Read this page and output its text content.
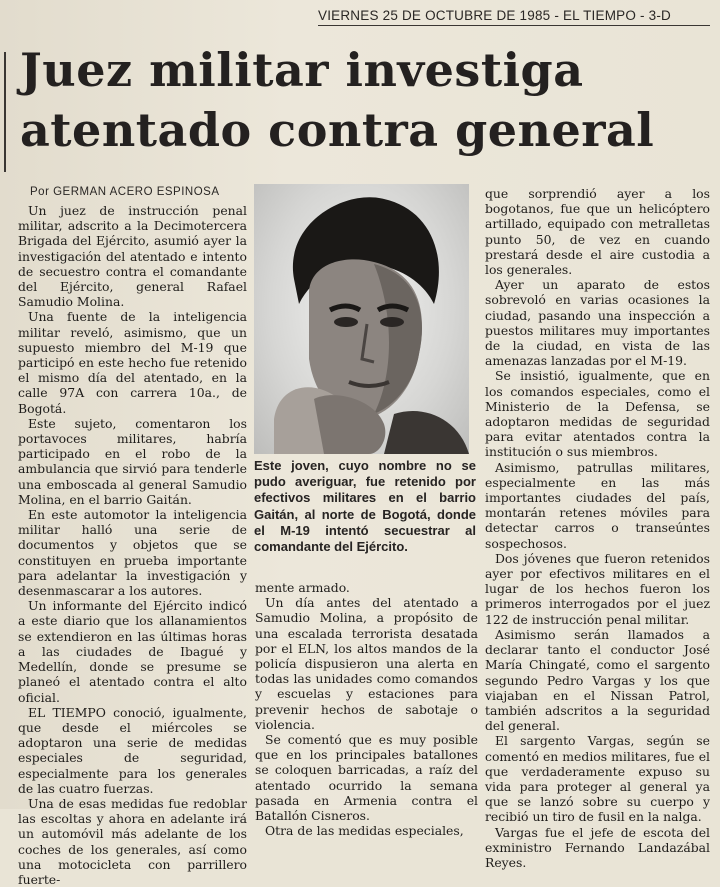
VIERNES 25 DE OCTUBRE DE 1985 - EL TIEMPO - 3-D
Juez militar investiga
atentado contra general
Por GERMAN ACERO ESPINOSA

Un juez de instrucción penal militar, adscrito a la Decimotercera Brigada del Ejército, asumió ayer la investigación del atentado e intento de secuestro contra el comandante del Ejército, general Rafael Samudio Molina.

Una fuente de la inteligencia militar reveló, asimismo, que un supuesto miembro del M-19 que participó en este hecho fue retenido el mismo día del atentado, en la calle 97A con carrera 10a., de Bogotá.

Este sujeto, comentaron los portavoces militares, habría participado en el robo de la ambulancia que sirvió para tenderle una emboscada al general Samudio Molina, en el barrio Gaitán.

En este automotor la inteligencia militar halló una serie de documentos y objetos que se constituyen en prueba importante para adelantar la investigación y desenmascarar a los autores.

Un informante del Ejército indicó a este diario que los allanamientos se extendieron en las últimas horas a las ciudades de Ibagué y Medellín, donde se presume se planeó el atentado contra el alto oficial.

EL TIEMPO conoció, igualmente, que desde el miércoles se adoptaron una serie de medidas especiales de seguridad, especialmente para los generales de las cuatro fuerzas.

Una de esas medidas fue redoblar las escoltas y ahora en adelante irá un automóvil más adelante de los coches de los generales, así como una motocicleta con parrillero fuerte-

Este joven, cuyo nombre no se pudo averiguar, fue retenido por efectivos militares en el barrio Gaitán, al norte de Bogotá, donde el M-19 intentó secuestrar al comandante del Ejército.

mente armado.

Un día antes del atentado a Samudio Molina, a propósito de una escalada terrorista desatada por el ELN, los altos mandos de la policía dispusieron una alerta en todas las unidades como comandos y escuelas y estaciones para prevenir hechos de sabotaje o violencia.

Se comentó que es muy posible que en los principales batallones se coloquen barricadas, a raíz del atentado ocurrido la semana pasada en Armenia contra el Batallón Cisneros.

Otra de las medidas especiales,

que sorprendió ayer a los bogotanos, fue que un helicóptero artillado, equipado con metralletas punto 50, de vez en cuando prestará desde el aire custodia a los generales.

Ayer un aparato de estos sobrevoló en varias ocasiones la ciudad, pasando una inspección a puestos militares muy importantes de la ciudad, en vista de las amenazas lanzadas por el M-19.

Se insistió, igualmente, que en los comandos especiales, como el Ministerio de la Defensa, se adoptaron medidas de seguridad para evitar atentados contra la institución o sus miembros.

Asimismo, patrullas militares, especialmente en las más importantes ciudades del país, montarán retenes móviles para detectar carros o transeúntes sospechosos.

Dos jóvenes que fueron retenidos ayer por efectivos militares en el lugar de los hechos fueron los primeros interrogados por el juez 122 de instrucción penal militar.

Asimismo serán llamados a declarar tanto el conductor José María Chingaté, como el sargento segundo Pedro Vargas y los que viajaban en el Nissan Patrol, también adscritos a la seguridad del general.

El sargento Vargas, según se comentó en medios militares, fue el que verdaderamente expuso su vida para proteger al general ya que se lanzó sobre su cuerpo y recibió un tiro de fusil en la nalga.

Vargas fue el jefe de escota del exministro Fernando Landazábal Reyes.
